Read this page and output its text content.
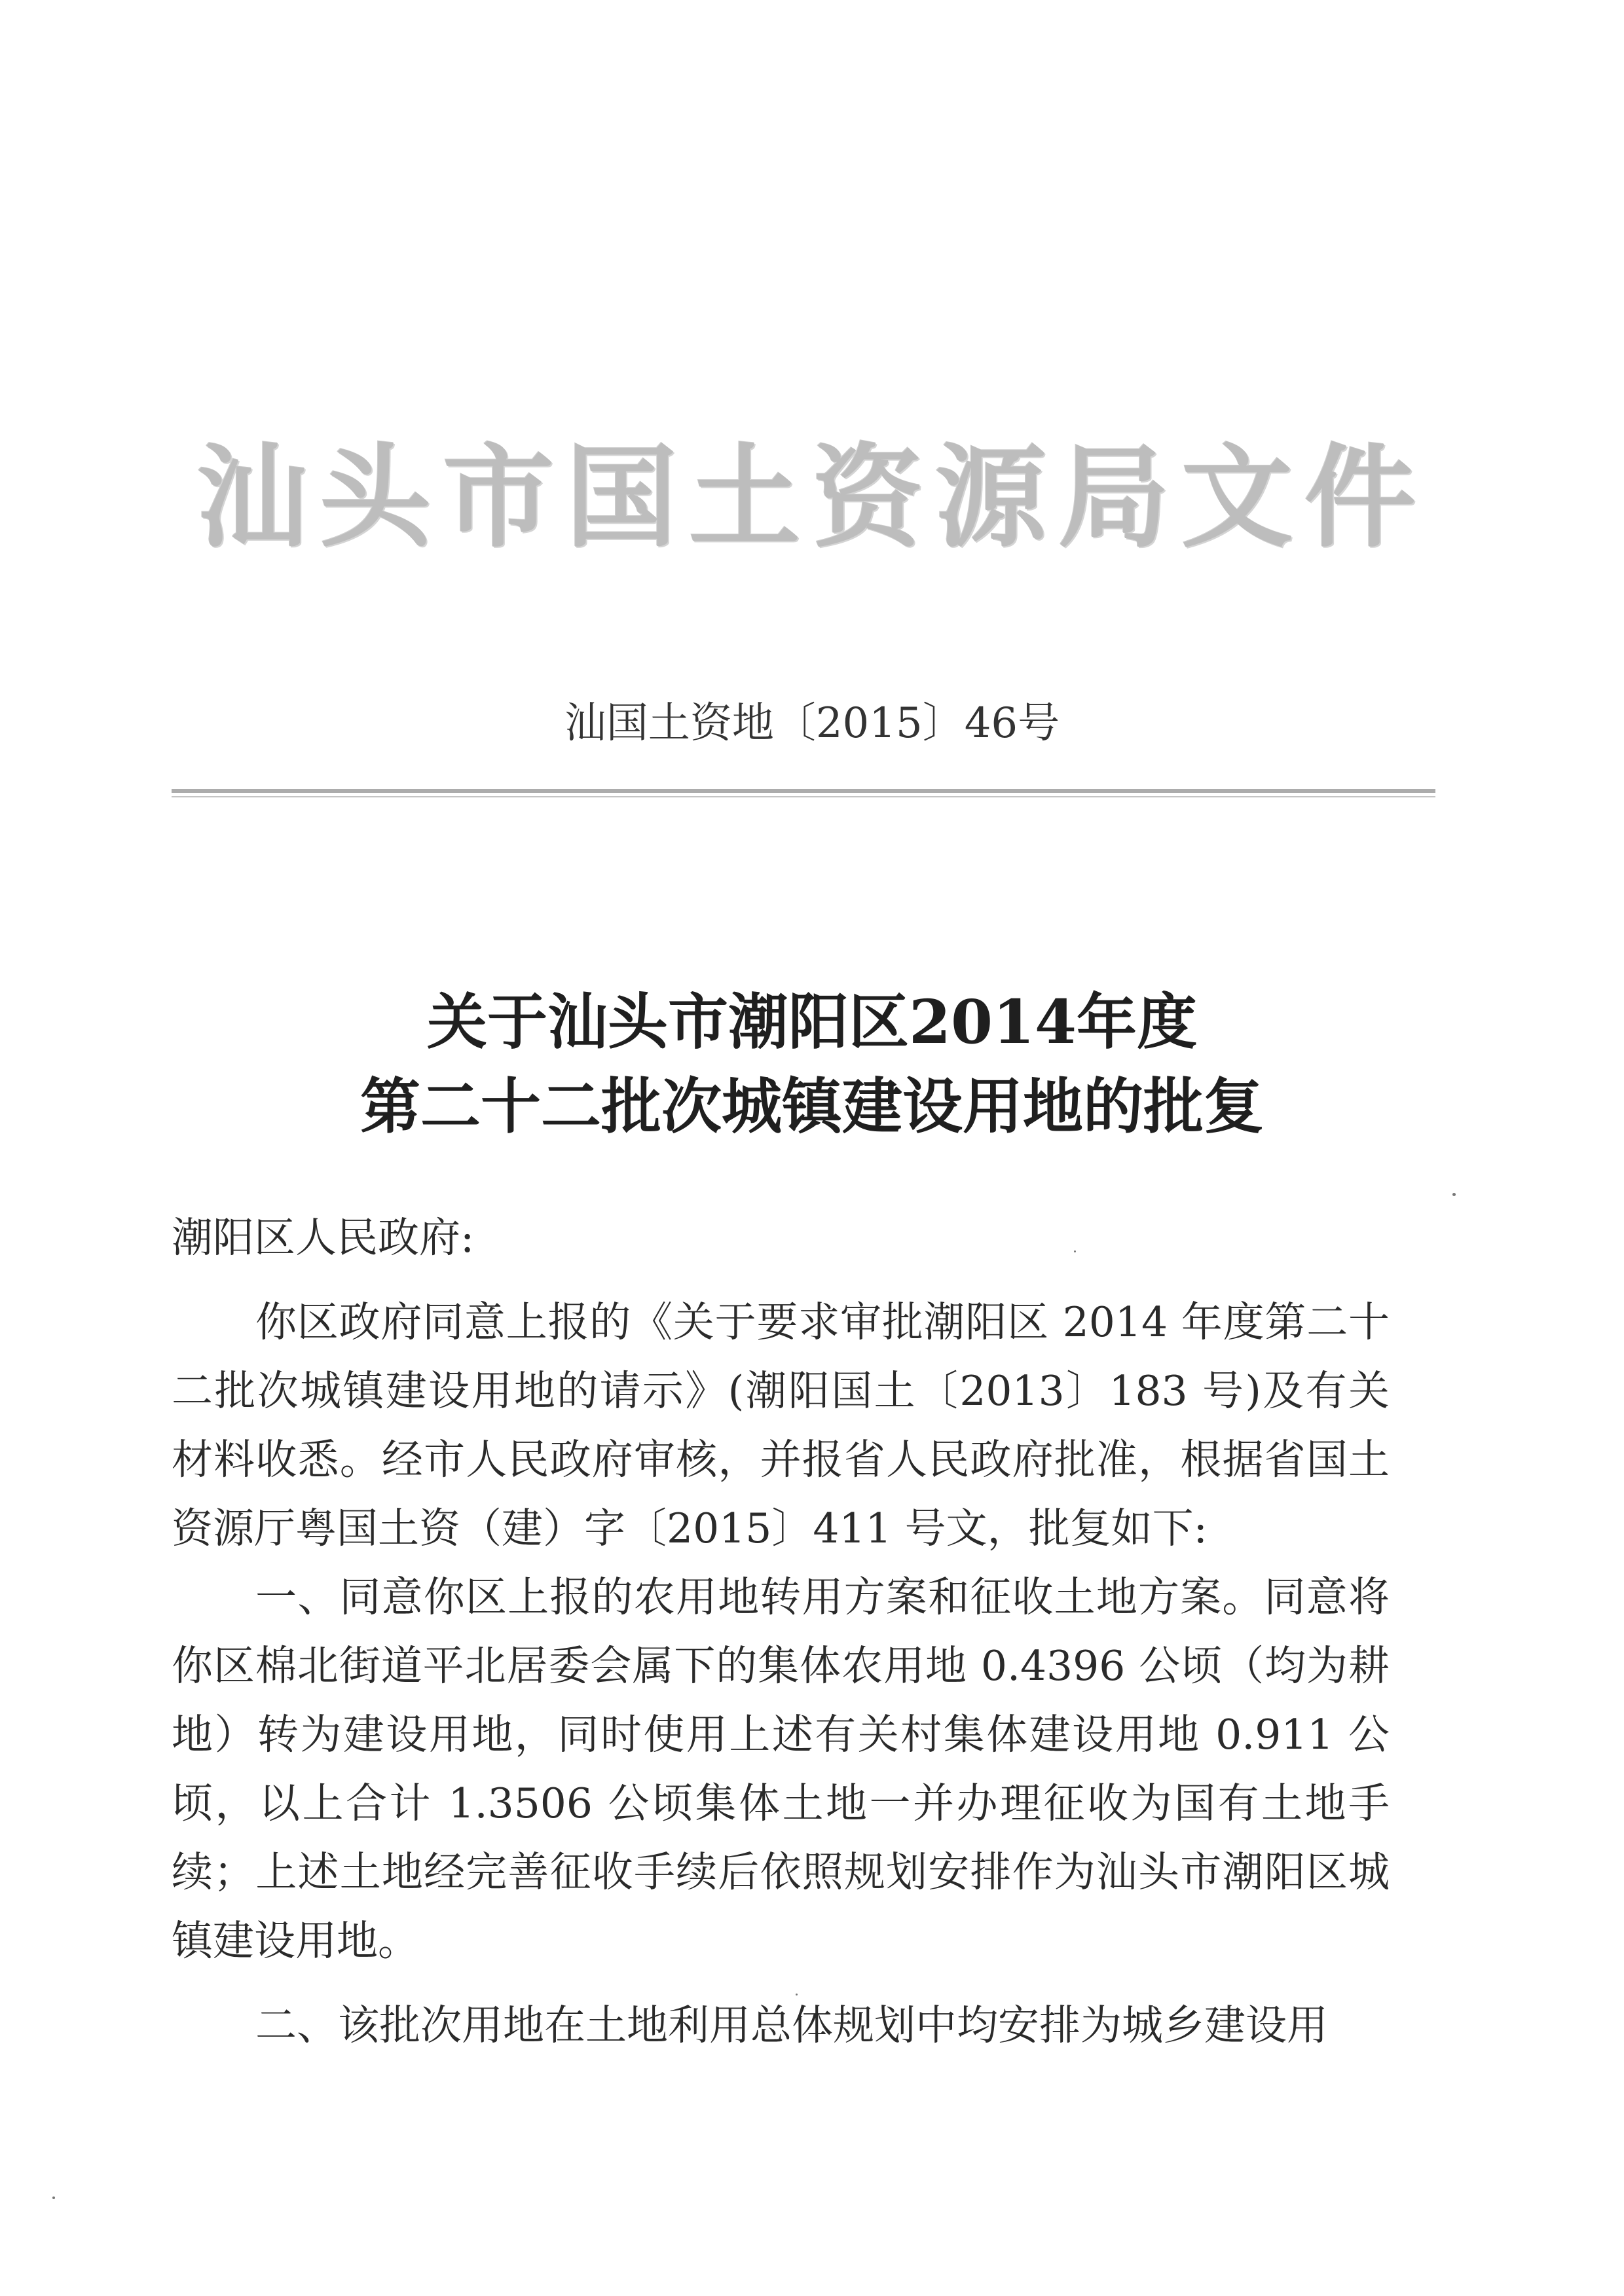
汕头市国土资源局文件
汕国土资地〔2015〕46号
关于汕头市潮阳区2014年度
第二十二批次城镇建设用地的批复

潮阳区人民政府:

你区政府同意上报的《关于要求审批潮阳区 2014 年度第二十二批次城镇建设用地的请示》(潮阳国土〔2013〕183 号)及有关材料收悉。经市人民政府审核，并报省人民政府批准，根据省国土资源厅粤国土资（建）字〔2015〕411 号文，批复如下:

一、同意你区上报的农用地转用方案和征收土地方案。同意将你区棉北街道平北居委会属下的集体农用地 0.4396 公顷（均为耕地）转为建设用地，同时使用上述有关村集体建设用地 0.911 公顷，以上合计 1.3506 公顷集体土地一并办理征收为国有土地手续；上述土地经完善征收手续后依照规划安排作为汕头市潮阳区城镇建设用地。

二、该批次用地在土地利用总体规划中均安排为城乡建设用
